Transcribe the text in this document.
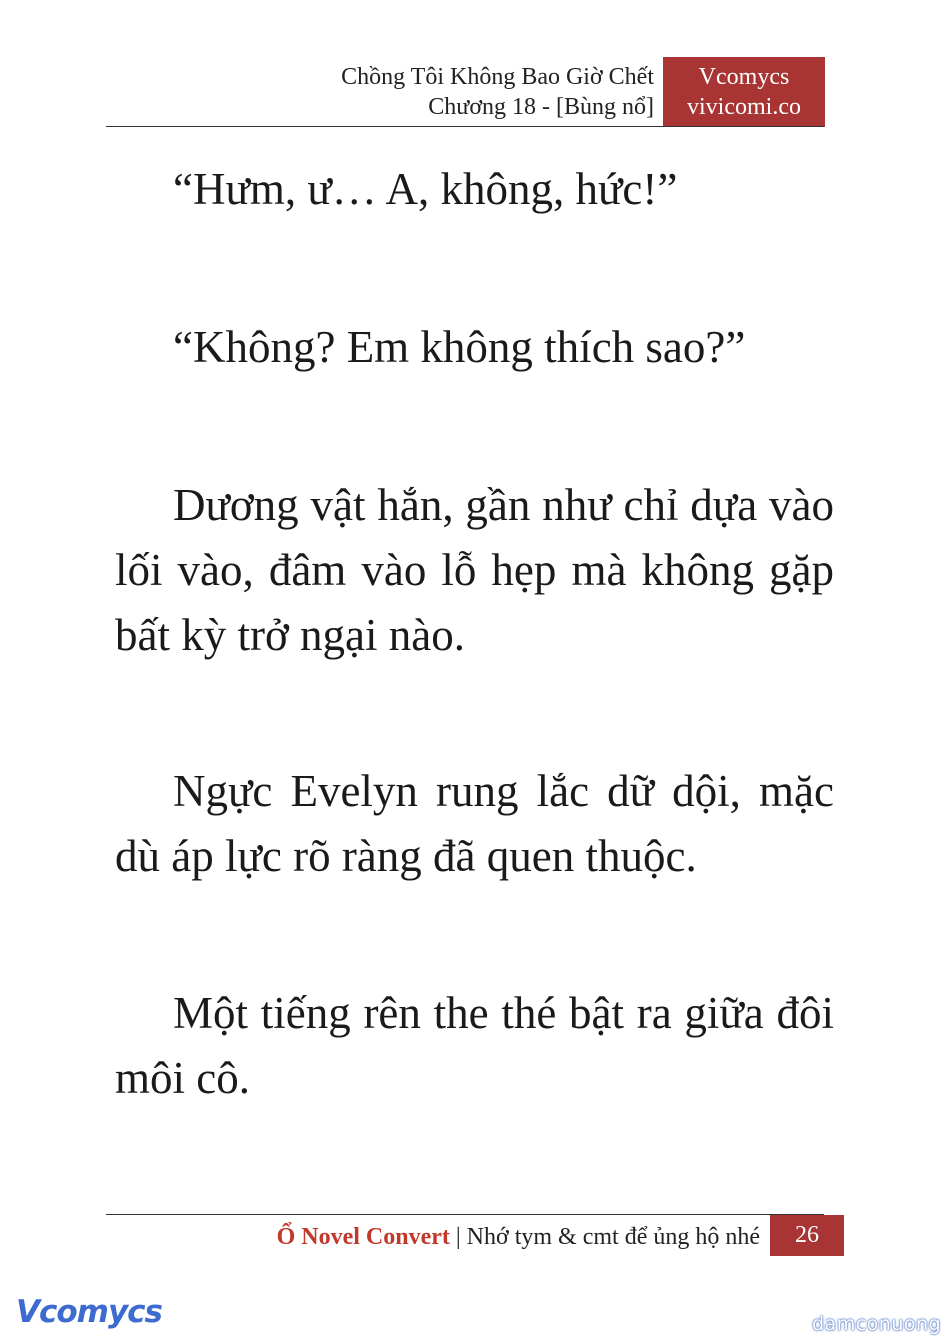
Chồng Tôi Không Bao Giờ Chết
Chương 18 - [Bùng nổ]
Vcomycs
vivicomi.co

“Hưm, ư… A, không, hức!”

“Không? Em không thích sao?”

Dương vật hắn, gần như chỉ dựa vào lối vào, đâm vào lỗ hẹp mà không gặp bất kỳ trở ngại nào.

Ngực Evelyn rung lắc dữ dội, mặc dù áp lực rõ ràng đã quen thuộc.

Một tiếng rên the thé bật ra giữa đôi môi cô.

Ổ Novel Convert | Nhớ tym & cmt để ủng hộ nhé	26
Vcomycs	damconuong
